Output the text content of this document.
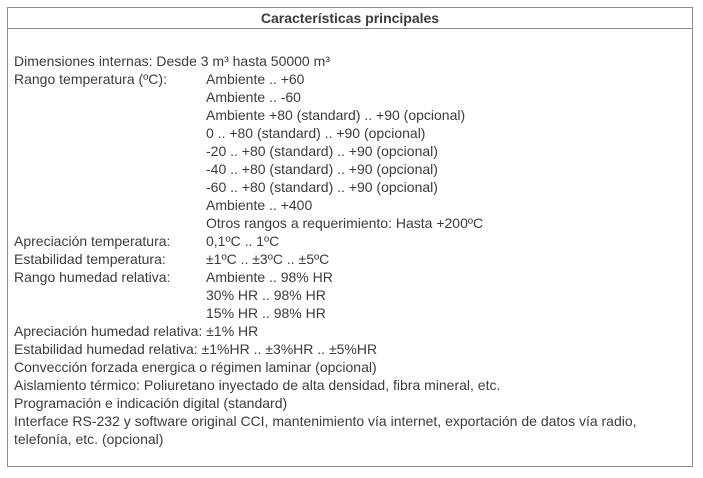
Características principales
Dimensiones internas: Desde 3 m³ hasta 50000 m³
Rango temperatura (ºC):	Ambiente .. +60
Ambiente .. -60
Ambiente +80 (standard) .. +90 (opcional)
0 .. +80 (standard) .. +90 (opcional)
-20 .. +80 (standard) .. +90 (opcional)
-40 .. +80 (standard) .. +90 (opcional)
-60 .. +80 (standard) .. +90 (opcional)
Ambiente .. +400
Otros rangos a requerimiento: Hasta +200ºC
Apreciación temperatura:	0,1ºC .. 1ºC
Estabilidad temperatura:	±1ºC .. ±3ºC .. ±5ºC
Rango humedad relativa:	Ambiente .. 98% HR
30% HR .. 98% HR
15% HR .. 98% HR
Apreciación humedad relativa: ±1% HR
Estabilidad humedad relativa: ±1%HR .. ±3%HR .. ±5%HR
Convección forzada energica o régimen laminar (opcional)
Aislamiento térmico: Poliuretano inyectado de alta densidad, fibra mineral, etc.
Programación e indicación digital (standard)
Interface RS-232 y software original CCI, mantenimiento vía internet, exportación de datos vía radio, telefonía, etc. (opcional)
